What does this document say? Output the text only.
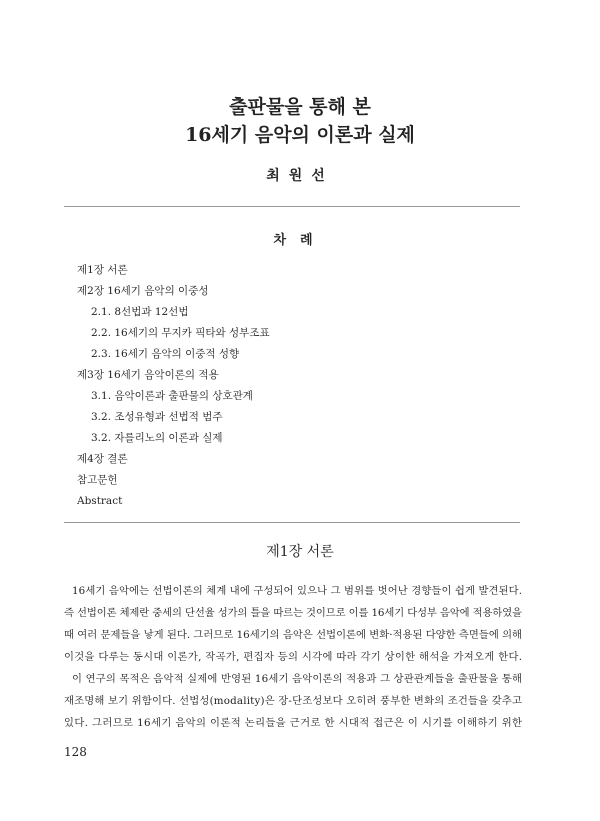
출판물을 통해 본
16세기 음악의 이론과 실제
최원선
차례
제1장 서론
제2장 16세기 음악의 이중성
2.1. 8선법과 12선법
2.2. 16세기의 무지카 픽타와 성부조표
2.3. 16세기 음악의 이중적 성향
제3장 16세기 음악이론의 적용
3.1. 음악이론과 출판물의 상호관계
3.2. 조성유형과 선법적 범주
3.2. 자를리노의 이론과 실제
제4장 결론
참고문헌
Abstract
제1장 서론
16세기 음악에는 선법이론의 체계 내에 구성되어 있으나 그 범위를 벗어난 경향들이 쉽게 발견된다.
즉 선법이론 체제란 중세의 단선율 성가의 틀을 따르는 것이므로 이를 16세기 다성부 음악에 적용하였을
때 여러 문제들을 낳게 된다. 그러므로 16세기의 음악은 선법이론에 변화·적용된 다양한 측면들에 의해
이것을 다루는 동시대 이론가, 작곡가, 편집자 등의 시각에 따라 각기 상이한 해석을 가져오게 한다.
이 연구의 목적은 음악적 실제에 반영된 16세기 음악이론의 적용과 그 상관관계들을 출판물을 통해
재조명해 보기 위함이다. 선법성(modality)은 장-단조성보다 오히려 풍부한 변화의 조건들을 갖추고
있다. 그러므로 16세기 음악의 이론적 논리들을 근거로 한 시대적 접근은 이 시기를 이해하기 위한
128
